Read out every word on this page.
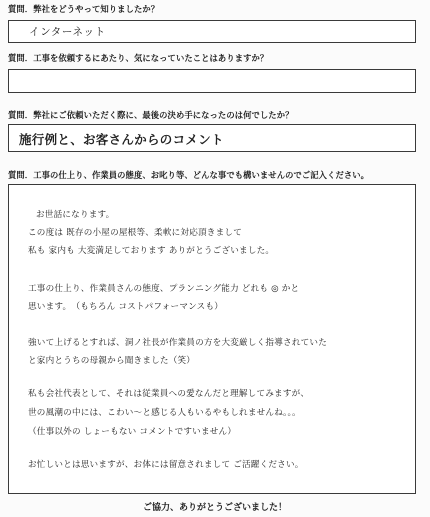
質問．弊社をどうやって知りましたか？
インターネット
質問．工事を依頼するにあたり、気になっていたことはありますか？
質問．弊社にご依頼いただく際に、最後の決め手になったのは何でしたか？
施行例と、お客さんからのコメント
質問．工事の仕上り、作業員の態度、お叱り等、どんな事でも構いませんのでご記入ください。
お世話になります。
この度は 既存の小屋の屋根等、柔軟に対応頂きまして
私も 家内も 大変満足しております ありがとうございました。
工事の仕上り、作業員さんの態度、プランニング能力 どれも ◎ かと
思います。　（もちろん コストパフォーマンスも）
強いて上げるとすれば、洞ノ社長が作業員の方を大変厳しく指導されていた
と家内とうちの母親から聞きました（笑）
私も会社代表として、それは従業員への愛なんだと理解してみますが、
世の風潮の中には、こわい～と感じる人もいるやもしれませんね。。。
（仕事以外の しょーもない コメントですいません）
お忙しいとは思いますが、お体には留意されまして ご活躍ください。
ご協力、ありがとうございました！
